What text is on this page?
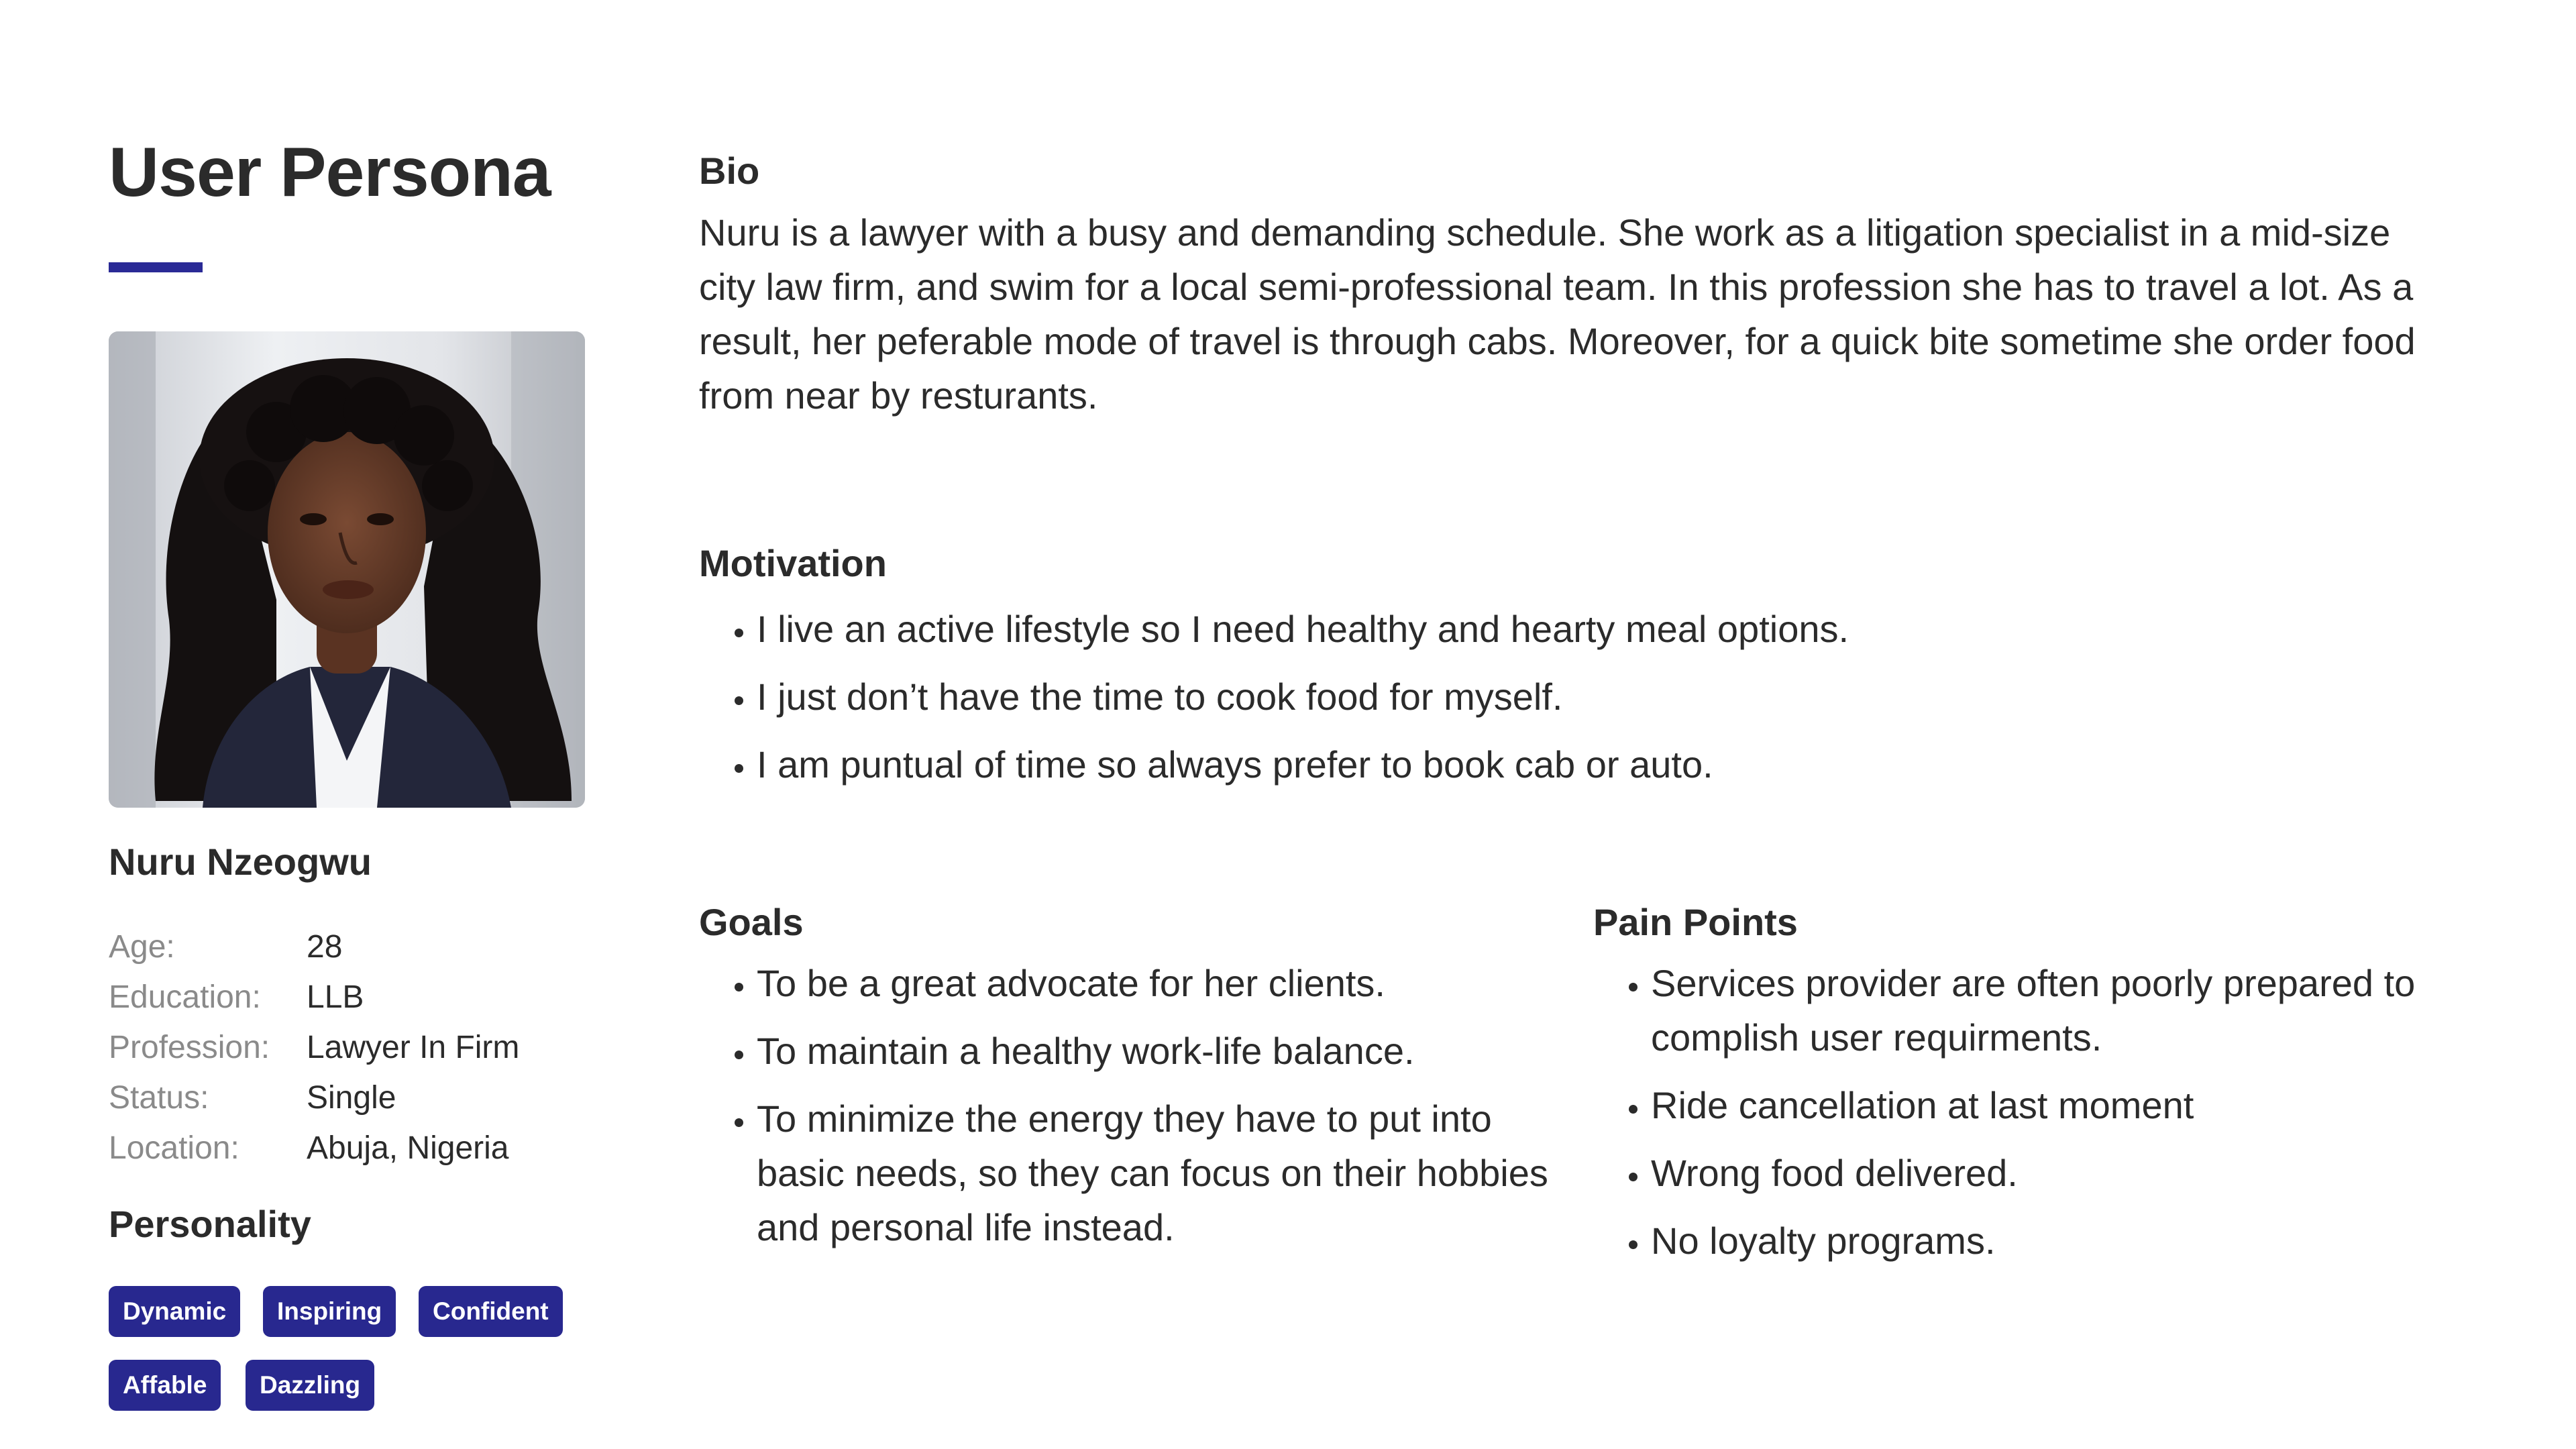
User Persona
Nuru Nzeogwu
Age:	28
Education:	LLB
Profession:	Lawyer In Firm
Status:	Single
Location:	Abuja, Nigeria
Personality
Dynamic	Inspiring	Confident
Affable	Dazzling
Bio

Nuru is a lawyer with a busy and demanding schedule. She work as a litigation specialist in a mid-size city law firm, and swim for a local semi-professional team. In this profession she has to travel a lot. As a result, her peferable mode of travel is through cabs. Moreover, for a quick bite sometime she order food from near by resturants.

Motivation
• I live an active lifestyle so I need healthy and hearty meal options.
• I just don’t have the time to cook food for myself.
• I am puntual of time so always prefer to book cab or auto.
Goals
• To be a great advocate for her clients.
• To maintain a healthy work-life balance.
• To minimize the energy they have to put into basic needs, so they can focus on their hobbies and personal life instead.
Pain Points
• Services provider are often poorly prepared to complish user requirments.
• Ride cancellation at last moment
• Wrong food delivered.
• No loyalty programs.
